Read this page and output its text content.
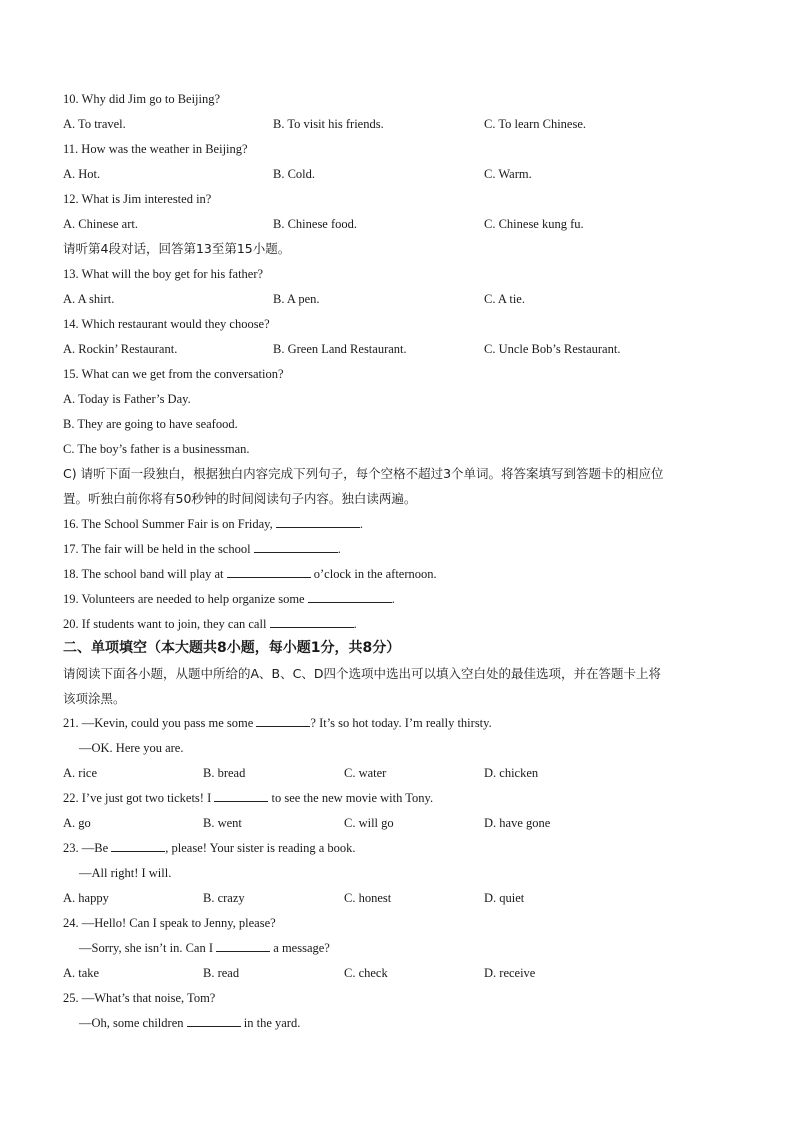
10. Why did Jim go to Beijing?
A. To travel.	B. To visit his friends.	C. To learn Chinese.
11. How was the weather in Beijing?
A. Hot.	B. Cold.	C. Warm.
12. What is Jim interested in?
A. Chinese art.	B. Chinese food.	C. Chinese kung fu.
请听第4段对话，回答第13至第15小题。
13. What will the boy get for his father?
A. A shirt.	B. A pen.	C. A tie.
14. Which restaurant would they choose?
A. Rockin’ Restaurant.	B. Green Land Restaurant.	C. Uncle Bob’s Restaurant.
15. What can we get from the conversation?
A. Today is Father’s Day.
B. They are going to have seafood.
C. The boy’s father is a businessman.
C) 请听下面一段独白，根据独白内容完成下列句子，每个空格不超过3个单词。将答案填写到答题卡的相应位
置。听独白前你将有50秒钟的时间阅读句子内容。独白读两遍。
16. The School Summer Fair is on Friday,	.
17. The fair will be held in the school	.
18. The school band will play at	o’clock in the afternoon.
19. Volunteers are needed to help organize some	.
20. If students want to join, they can call	.
二、单项填空（本大题共8小题，每小题1分，共8分）
请阅读下面各小题，从题中所给的A、B、C、D四个选项中选出可以填入空白处的最佳选项，并在答题卡上将
该项涂黑。
21. —Kevin, could you pass me some	? It’s so hot today. I’m really thirsty.
—OK. Here you are.
A. rice	B. bread	C. water	D. chicken
22. I’ve just got two tickets! I	to see the new movie with Tony.
A. go	B. went	C. will go	D. have gone
23. —Be	, please! Your sister is reading a book.
—All right! I will.
A. happy	B. crazy	C. honest	D. quiet
24. —Hello! Can I speak to Jenny, please?
—Sorry, she isn’t in. Can I	a message?
A. take	B. read	C. check	D. receive
25. —What’s that noise, Tom?
—Oh, some children	in the yard.
